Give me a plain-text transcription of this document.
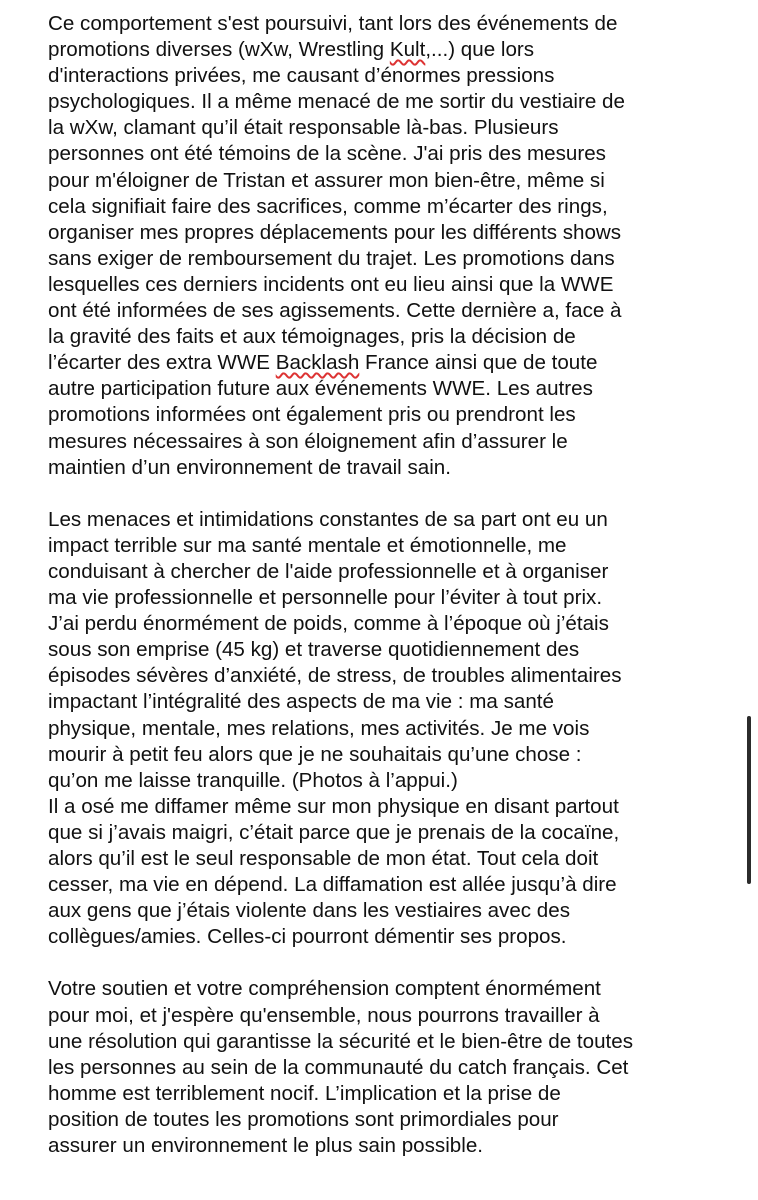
Ce comportement s'est poursuivi, tant lors des événements de
promotions diverses (wXw, Wrestling Kult,...) que lors
d'interactions privées, me causant d’énormes pressions
psychologiques. Il a même menacé de me sortir du vestiaire de
la wXw, clamant qu’il était responsable là-bas. Plusieurs
personnes ont été témoins de la scène. J'ai pris des mesures
pour m'éloigner de Tristan et assurer mon bien-être, même si
cela signifiait faire des sacrifices, comme m’écarter des rings,
organiser mes propres déplacements pour les différents shows
sans exiger de remboursement du trajet. Les promotions dans
lesquelles ces derniers incidents ont eu lieu ainsi que la WWE
ont été informées de ses agissements. Cette dernière a, face à
la gravité des faits et aux témoignages, pris la décision de
l’écarter des extra WWE Backlash France ainsi que de toute
autre participation future aux événements WWE. Les autres
promotions informées ont également pris ou prendront les
mesures nécessaires à son éloignement afin d’assurer le
maintien d’un environnement de travail sain.
Les menaces et intimidations constantes de sa part ont eu un
impact terrible sur ma santé mentale et émotionnelle, me
conduisant à chercher de l'aide professionnelle et à organiser
ma vie professionnelle et personnelle pour l’éviter à tout prix.
J’ai perdu énormément de poids, comme à l’époque où j’étais
sous son emprise (45 kg) et traverse quotidiennement des
épisodes sévères d’anxiété, de stress, de troubles alimentaires
impactant l’intégralité des aspects de ma vie : ma santé
physique, mentale, mes relations, mes activités. Je me vois
mourir à petit feu alors que je ne souhaitais qu’une chose :
qu’on me laisse tranquille. (Photos à l’appui.)
Il a osé me diffamer même sur mon physique en disant partout
que si j’avais maigri, c’était parce que je prenais de la cocaïne,
alors qu’il est le seul responsable de mon état. Tout cela doit
cesser, ma vie en dépend. La diffamation est allée jusqu’à dire
aux gens que j’étais violente dans les vestiaires avec des
collègues/amies. Celles-ci pourront démentir ses propos.
Votre soutien et votre compréhension comptent énormément
pour moi, et j'espère qu'ensemble, nous pourrons travailler à
une résolution qui garantisse la sécurité et le bien-être de toutes
les personnes au sein de la communauté du catch français. Cet
homme est terriblement nocif. L’implication et la prise de
position de toutes les promotions sont primordiales pour
assurer un environnement le plus sain possible.
